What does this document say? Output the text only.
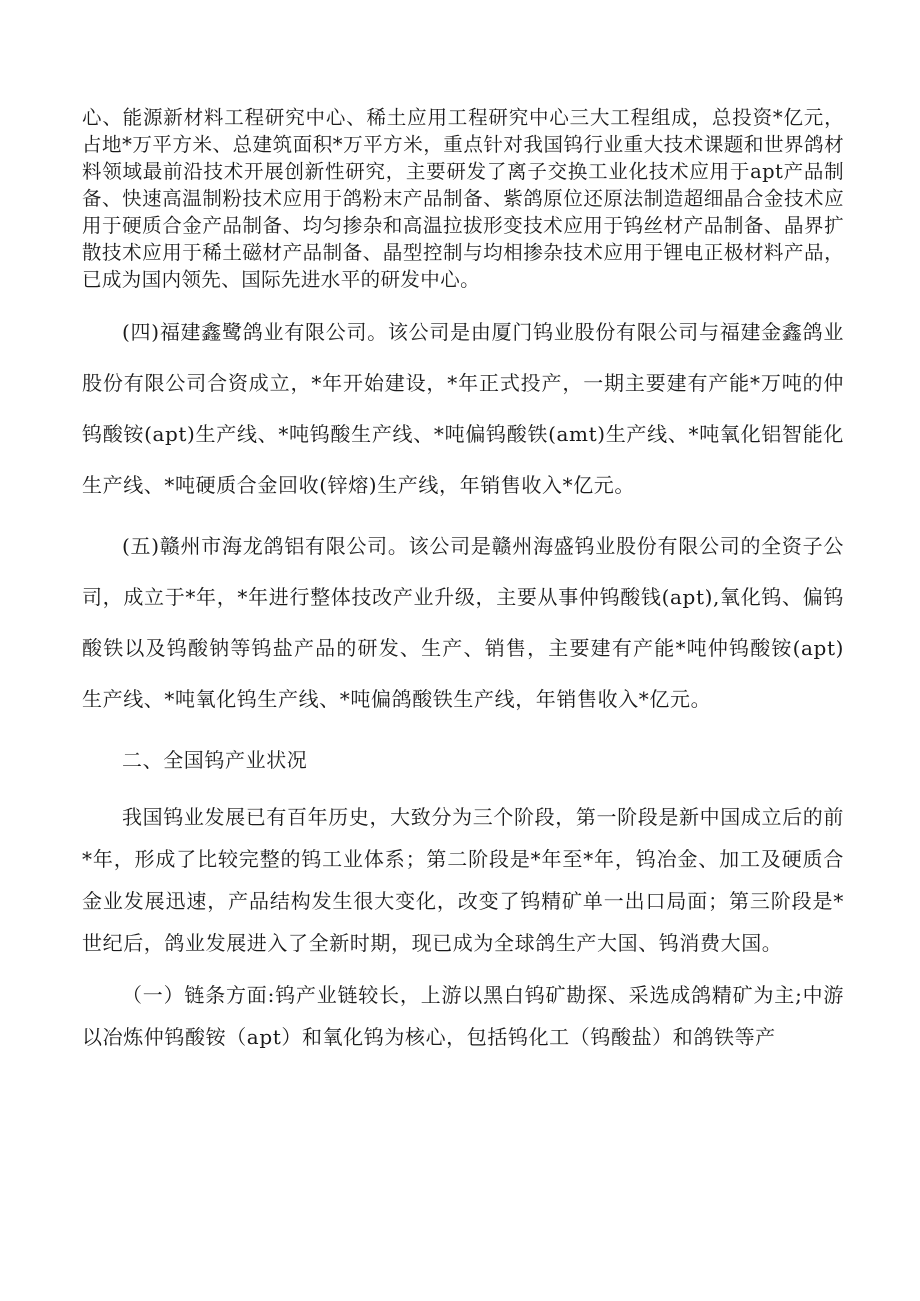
心、能源新材料工程研究中心、稀土应用工程研究中心三大工程组成，总投资*亿元，占地*万平方米、总建筑面积*万平方米，重点针对我国钨行业重大技术课题和世界鸽材料领域最前沿技术开展创新性研究，主要研发了离子交换工业化技术应用于apt产品制备、快速高温制粉技术应用于鸽粉末产品制备、紫鸽原位还原法制造超细晶合金技术应用于硬质合金产品制备、均匀掺杂和高温拉拔形变技术应用于钨丝材产品制备、晶界扩散技术应用于稀土磁材产品制备、晶型控制与均相掺杂技术应用于锂电正极材料产品，已成为国内领先、国际先进水平的研发中心。

(四)福建鑫鹭鸽业有限公司。该公司是由厦门钨业股份有限公司与福建金鑫鸽业股份有限公司合资成立，*年开始建设，*年正式投产，一期主要建有产能*万吨的仲钨酸铵(apt)生产线、*吨钨酸生产线、*吨偏钨酸铁(amt)生产线、*吨氧化铝智能化生产线、*吨硬质合金回收(锌熔)生产线，年销售收入*亿元。

(五)赣州市海龙鸽铝有限公司。该公司是赣州海盛钨业股份有限公司的全资子公司，成立于*年，*年进行整体技改产业升级，主要从事仲钨酸钱(apt),氧化钨、偏钨酸铁以及钨酸钠等钨盐产品的研发、生产、销售，主要建有产能*吨仲钨酸铵(apt)生产线、*吨氧化钨生产线、*吨偏鸽酸铁生产线，年销售收入*亿元。

二、全国钨产业状况

我国钨业发展已有百年历史，大致分为三个阶段，第一阶段是新中国成立后的前*年，形成了比较完整的钨工业体系；第二阶段是*年至*年，钨冶金、加工及硬质合金业发展迅速，产品结构发生很大变化，改变了钨精矿单一出口局面；第三阶段是*世纪后，鸽业发展进入了全新时期，现已成为全球鸽生产大国、钨消费大国。

（一）链条方面:钨产业链较长，上游以黑白钨矿勘探、采选成鸽精矿为主;中游以冶炼仲钨酸铵（apt）和氧化钨为核心，包括钨化工（钨酸盐）和鸽铁等产
